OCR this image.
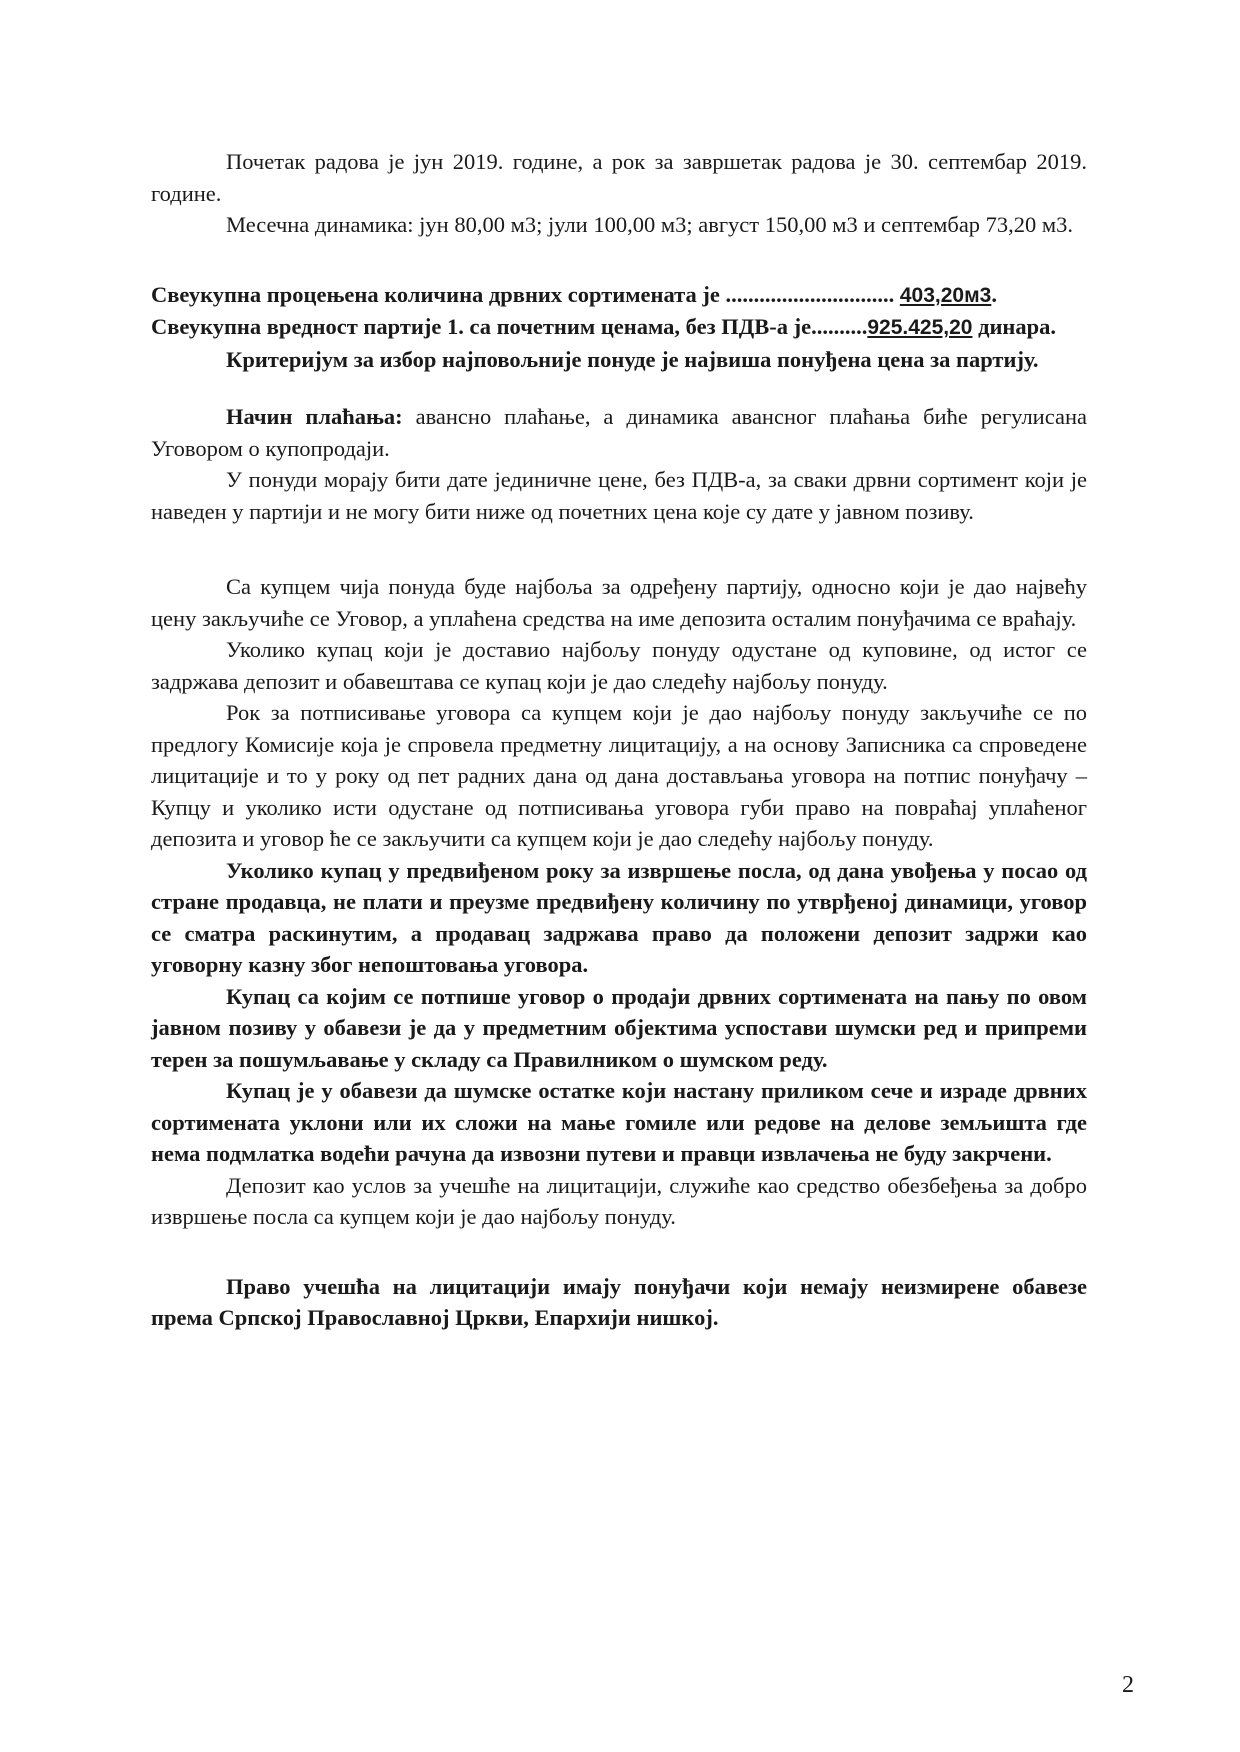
Почетак радова је јун 2019. године, а рок за завршетак радова је 30. септембар 2019. године.

Месечна динамика: јун 80,00 м3; јули 100,00 м3; август 150,00 м3 и септембар 73,20 м3.

Свеукупна процењена количина дрвних сортимената је .............................. 403,20м3.

Свеукупна вредност партије 1. са почетним ценама, без ПДВ-а је..........925.425,20 динара.

Критеријум за избор најповољније понуде је највиша понуђена цена за партију.

Начин плаћања: авансно плаћање, а динамика авансног плаћања биће регулисана Уговором о купопродаји.

У понуди морају бити дате јединичне цене, без ПДВ-а, за сваки дрвни сортимент који је наведен у партији и не могу бити ниже од почетних цена које су дате у јавном позиву.

Са купцем чија понуда буде најбоља за одређену партију, односно који је дао највећу цену закључиће се Уговор, а уплаћена средства на име депозита осталим понуђачима се враћају.

Уколико купац који је доставио најбољу понуду одустане од куповине, од истог се задржава депозит и обавештава се купац који је дао следећу најбољу понуду.

Рок за потписивање уговора са купцем који је дао најбољу понуду закључиће се по предлогу Комисије која је спровела предметну лицитацију, а на основу Записника са спроведене лицитације и то у року од пет радних дана од дана достављања уговора на потпис понуђачу – Купцу и уколико исти одустане од потписивања уговора губи право на повраћај уплаћеног депозита и уговор ће се закључити са купцем који је дао следећу најбољу понуду.

Уколико купац у предвиђеном року за извршење посла, од дана увођења у посао од стране продавца, не плати и преузме предвиђену количину по утврђеној динамици, уговор се сматра раскинутим, а продавац задржава право да положени депозит задржи као уговорну казну због непоштовања уговора.

Купац са којим се потпише уговор о продаји дрвних сортимената на пању по овом јавном позиву у обавези је да у предметним објектима успостави шумски ред и припреми терен за пошумљавање у складу са Правилником о шумском реду.

Купац је у обавези да шумске остатке који настану приликом сече и израде дрвних сортимената уклони или их сложи на мање гомиле или редове на делове земљишта где нема подмлатка водећи рачуна да извозни путеви и правци извлачења не буду закрчени.

Депозит као услов за учешће на лицитацији, служиће као средство обезбеђења за добро извршење посла са купцем који је дао најбољу понуду.

Право учешћа на лицитацији имају понуђачи који немају неизмирене обавезе према Српској Православној Цркви, Епархији нишкој.

2
